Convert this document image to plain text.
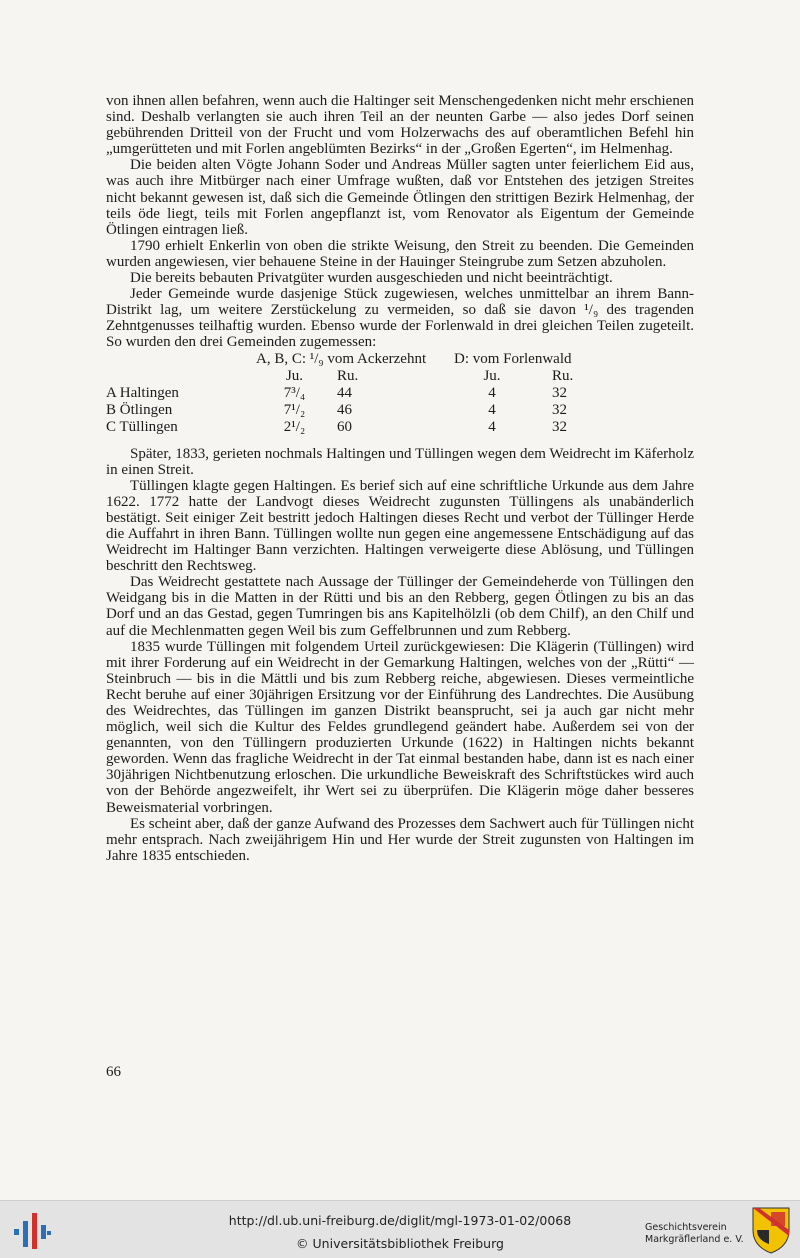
von ihnen allen befahren, wenn auch die Haltinger seit Menschengedenken nicht mehr erschienen sind. Deshalb verlangten sie auch ihren Teil an der neunten Garbe — also jedes Dorf seinen gebührenden Dritteil von der Frucht und vom Holzerwachs des auf oberamtlichen Befehl hin „umgerütteten und mit Forlen angeblümten Bezirks“ in der „Großen Egerten“, im Helmenhag.

Die beiden alten Vögte Johann Soder und Andreas Müller sagten unter feierlichem Eid aus, was auch ihre Mitbürger nach einer Umfrage wußten, daß vor Entstehen des jetzigen Streites nicht bekannt gewesen ist, daß sich die Gemeinde Ötlingen den strittigen Bezirk Helmenhag, der teils öde liegt, teils mit Forlen angepflanzt ist, vom Renovator als Eigentum der Gemeinde Ötlingen eintragen ließ.

1790 erhielt Enkerlin von oben die strikte Weisung, den Streit zu beenden. Die Gemeinden wurden angewiesen, vier behauene Steine in der Hauinger Steingrube zum Setzen abzuholen.

Die bereits bebauten Privatgüter wurden ausgeschieden und nicht beeinträchtigt.

Jeder Gemeinde wurde dasjenige Stück zugewiesen, welches unmittelbar an ihrem Bann-Distrikt lag, um weitere Zerstückelung zu vermeiden, so daß sie davon ¹/₉ des tragenden Zehntgenusses teilhaftig wurden. Ebenso wurde der Forlenwald in drei gleichen Teilen zugeteilt. So wurden den drei Gemeinden zugemessen:

	A, B, C: ¹/₉ vom Ackerzehnt		D: vom Forlenwald	
	Ju.	Ru.	Ju.	Ru.
A Haltingen	7³/₄	44	4	32
B Ötlingen	7¹/₂	46	4	32
C Tüllingen	2¹/₂	60	4	32

Später, 1833, gerieten nochmals Haltingen und Tüllingen wegen dem Weidrecht im Käferholz in einen Streit.

Tüllingen klagte gegen Haltingen. Es berief sich auf eine schriftliche Urkunde aus dem Jahre 1622. 1772 hatte der Landvogt dieses Weidrecht zugunsten Tüllingens als unabänderlich bestätigt. Seit einiger Zeit bestritt jedoch Haltingen dieses Recht und verbot der Tüllinger Herde die Auffahrt in ihren Bann. Tüllingen wollte nun gegen eine angemessene Entschädigung auf das Weidrecht im Haltinger Bann verzichten. Haltingen verweigerte diese Ablösung, und Tüllingen beschritt den Rechtsweg.

Das Weidrecht gestattete nach Aussage der Tüllinger der Gemeindeherde von Tüllingen den Weidgang bis in die Matten in der Rütti und bis an den Rebberg, gegen Ötlingen zu bis an das Dorf und an das Gestad, gegen Tumringen bis ans Kapitelhölzli (ob dem Chilf), an den Chilf und auf die Mechlenmatten gegen Weil bis zum Geffelbrunnen und zum Rebberg.

1835 wurde Tüllingen mit folgendem Urteil zurückgewiesen: Die Klägerin (Tüllingen) wird mit ihrer Forderung auf ein Weidrecht in der Gemarkung Haltingen, welches von der „Rütti“ — Steinbruch — bis in die Mättli und bis zum Rebberg reiche, abgewiesen. Dieses vermeintliche Recht beruhe auf einer 30jährigen Ersitzung vor der Einführung des Landrechtes. Die Ausübung des Weidrechtes, das Tüllingen im ganzen Distrikt beansprucht, sei ja auch gar nicht mehr möglich, weil sich die Kultur des Feldes grundlegend geändert habe. Außerdem sei von der genannten, von den Tüllingern produzierten Urkunde (1622) in Haltingen nichts bekannt geworden. Wenn das fragliche Weidrecht in der Tat einmal bestanden habe, dann ist es nach einer 30jährigen Nichtbenutzung erloschen. Die urkundliche Beweiskraft des Schriftstückes wird auch von der Behörde angezweifelt, ihr Wert sei zu überprüfen. Die Klägerin möge daher besseres Beweismaterial vorbringen.

Es scheint aber, daß der ganze Aufwand des Prozesses dem Sachwert auch für Tüllingen nicht mehr entsprach. Nach zweijährigem Hin und Her wurde der Streit zugunsten von Haltingen im Jahre 1835 entschieden.

66
http://dl.ub.uni-freiburg.de/diglit/mgl-1973-01-02/0068
© Universitätsbibliothek Freiburg
Geschichtsverein
Markgräflerland e. V.
